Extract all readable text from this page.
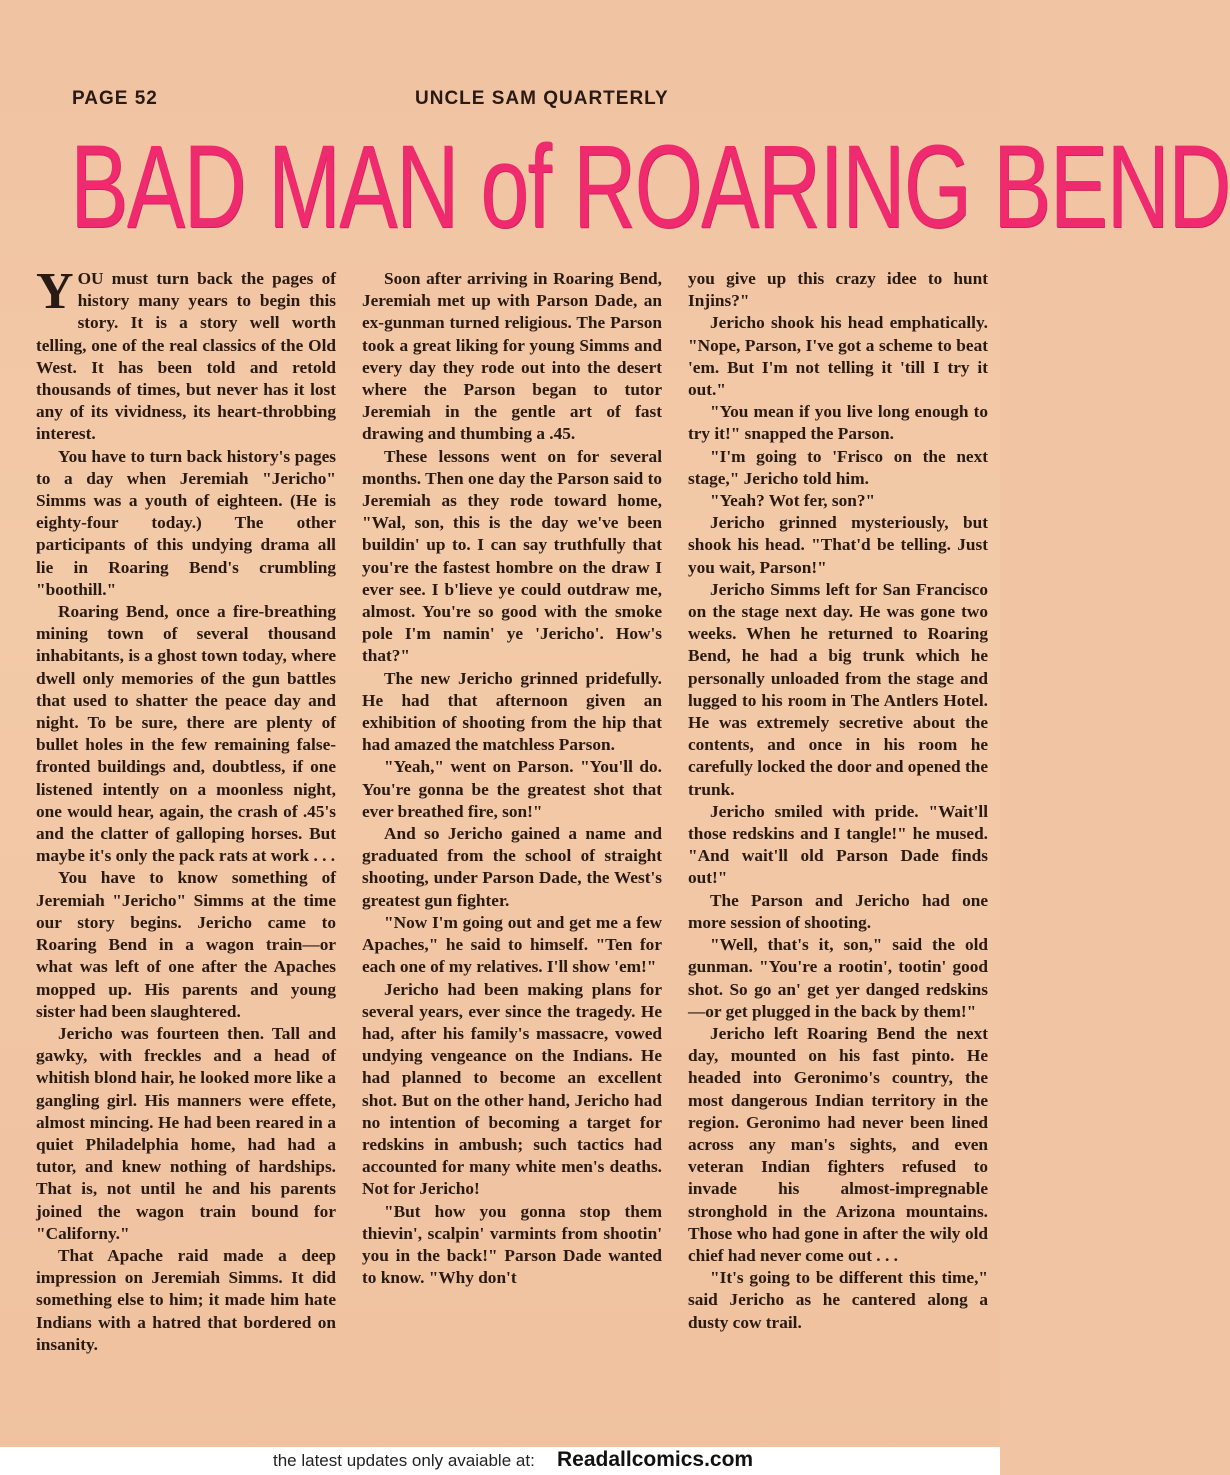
PAGE 52	UNCLE SAM QUARTERLY
BAD MAN of ROARING BEND

YOU must turn back the pages of history many years to begin this story. It is a story well worth telling, one of the real classics of the Old West. It has been told and retold thousands of times, but never has it lost any of its vividness, its heart-throbbing interest.

You have to turn back history's pages to a day when Jeremiah "Jericho" Simms was a youth of eighteen. (He is eighty-four today.) The other participants of this undying drama all lie in Roaring Bend's crumbling "boothill."

Roaring Bend, once a fire-breathing mining town of several thousand inhabitants, is a ghost town today, where dwell only memories of the gun battles that used to shatter the peace day and night. To be sure, there are plenty of bullet holes in the few remaining false-fronted buildings and, doubtless, if one listened intently on a moonless night, one would hear, again, the crash of .45's and the clatter of galloping horses. But maybe it's only the pack rats at work . . .

You have to know something of Jeremiah "Jericho" Simms at the time our story begins. Jericho came to Roaring Bend in a wagon train—or what was left of one after the Apaches mopped up. His parents and young sister had been slaughtered.

Jericho was fourteen then. Tall and gawky, with freckles and a head of whitish blond hair, he looked more like a gangling girl. His manners were effete, almost mincing. He had been reared in a quiet Philadelphia home, had had a tutor, and knew nothing of hardships. That is, not until he and his parents joined the wagon train bound for "Californy."

That Apache raid made a deep impression on Jeremiah Simms. It did something else to him; it made him hate Indians with a hatred that bordered on insanity.

Soon after arriving in Roaring Bend, Jeremiah met up with Parson Dade, an ex-gunman turned religious. The Parson took a great liking for young Simms and every day they rode out into the desert where the Parson began to tutor Jeremiah in the gentle art of fast drawing and thumbing a .45.

These lessons went on for several months. Then one day the Parson said to Jeremiah as they rode toward home, "Wal, son, this is the day we've been buildin' up to. I can say truthfully that you're the fastest hombre on the draw I ever see. I b'lieve ye could outdraw me, almost. You're so good with the smoke pole I'm namin' ye 'Jericho'. How's that?"

The new Jericho grinned pridefully. He had that afternoon given an exhibition of shooting from the hip that had amazed the matchless Parson.

"Yeah," went on Parson. "You'll do. You're gonna be the greatest shot that ever breathed fire, son!"

And so Jericho gained a name and graduated from the school of straight shooting, under Parson Dade, the West's greatest gun fighter.

"Now I'm going out and get me a few Apaches," he said to himself. "Ten for each one of my relatives. I'll show 'em!"

Jericho had been making plans for several years, ever since the tragedy. He had, after his family's massacre, vowed undying vengeance on the Indians. He had planned to become an excellent shot. But on the other hand, Jericho had no intention of becoming a target for redskins in ambush; such tactics had accounted for many white men's deaths. Not for Jericho!

"But how you gonna stop them thievin', scalpin' varmints from shootin' you in the back!" Parson Dade wanted to know. "Why don't

you give up this crazy idee to hunt Injins?"

Jericho shook his head emphatically. "Nope, Parson, I've got a scheme to beat 'em. But I'm not telling it 'till I try it out."

"You mean if you live long enough to try it!" snapped the Parson.

"I'm going to 'Frisco on the next stage," Jericho told him.

"Yeah? Wot fer, son?"

Jericho grinned mysteriously, but shook his head. "That'd be telling. Just you wait, Parson!"

Jericho Simms left for San Francisco on the stage next day. He was gone two weeks. When he returned to Roaring Bend, he had a big trunk which he personally unloaded from the stage and lugged to his room in The Antlers Hotel. He was extremely secretive about the contents, and once in his room he carefully locked the door and opened the trunk.

Jericho smiled with pride. "Wait'll those redskins and I tangle!" he mused. "And wait'll old Parson Dade finds out!"

The Parson and Jericho had one more session of shooting.

"Well, that's it, son," said the old gunman. "You're a rootin', tootin' good shot. So go an' get yer danged redskins—or get plugged in the back by them!"

Jericho left Roaring Bend the next day, mounted on his fast pinto. He headed into Geronimo's country, the most dangerous Indian territory in the region. Geronimo had never been lined across any man's sights, and even veteran Indian fighters refused to invade his almost-impregnable stronghold in the Arizona mountains. Those who had gone in after the wily old chief had never come out . . .

"It's going to be different this time," said Jericho as he cantered along a dusty cow trail.

the latest updates only avaiable at: Readallcomics.com
